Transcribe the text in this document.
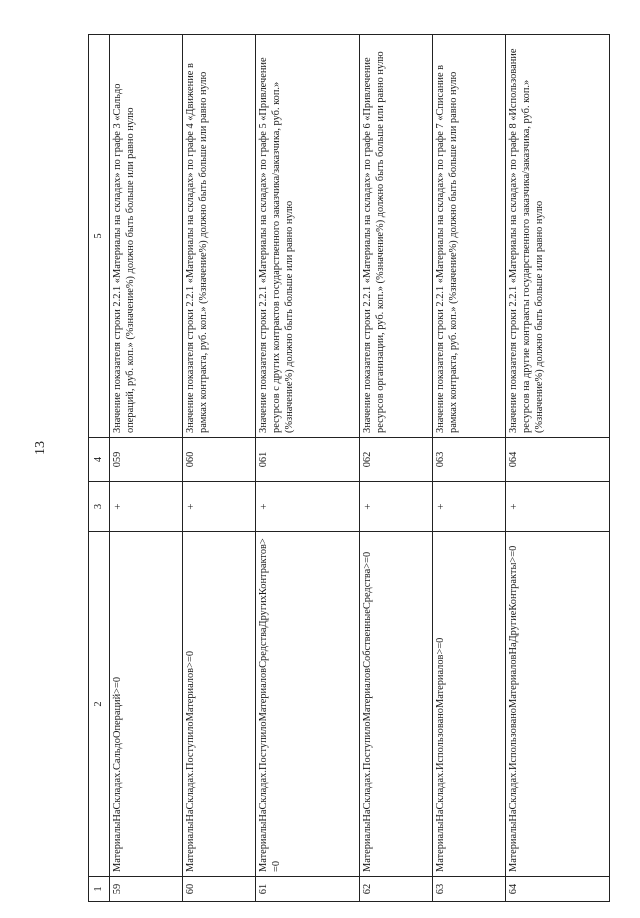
13
1	2	3	4	5
59	МатериалыНаСкладах.СальдоОпераций>=0	+	059	Значение показателя строки 2.2.1 «Материалы на складах» по графе 3 «Сальдо операций, руб. коп.» (%значение%) должно быть больше или равно нулю
60	МатериалыНаСкладах.ПоступилоМатериалов>=0	+	060	Значение показателя строки 2.2.1 «Материалы на складах» по графе 4 «Движение в рамках контракта, руб. коп.» (%значение%) должно быть больше или равно нулю
61	МатериалыНаСкладах.ПоступилоМатериаловСредстваДругихКонтрактов>=0	+	061	Значение показателя строки 2.2.1 «Материалы на складах» по графе 5 «Привлечение ресурсов с других контрактов государственного заказчика/заказчика, руб. коп.» (%значение%) должно быть больше или равно нулю
62	МатериалыНаСкладах.ПоступилоМатериаловСобственныеСредства>=0	+	062	Значение показателя строки 2.2.1 «Материалы на складах» по графе 6 «Привлечение ресурсов организации, руб. коп.» (%значение%) должно быть больше или равно нулю
63	МатериалыНаСкладах.ИспользованоМатериалов>=0	+	063	Значение показателя строки 2.2.1 «Материалы на складах» по графе 7 «Списание в рамках контракта, руб. коп.» (%значение%) должно быть больше или равно нулю
64	МатериалыНаСкладах.ИспользованоМатериаловНаДругиеКонтракты>=0	+	064	Значение показателя строки 2.2.1 «Материалы на складах» по графе 8 «Использование ресурсов на другие контракты государственного заказчика/заказчика, руб. коп.» (%значение%) должно быть больше или равно нулю
